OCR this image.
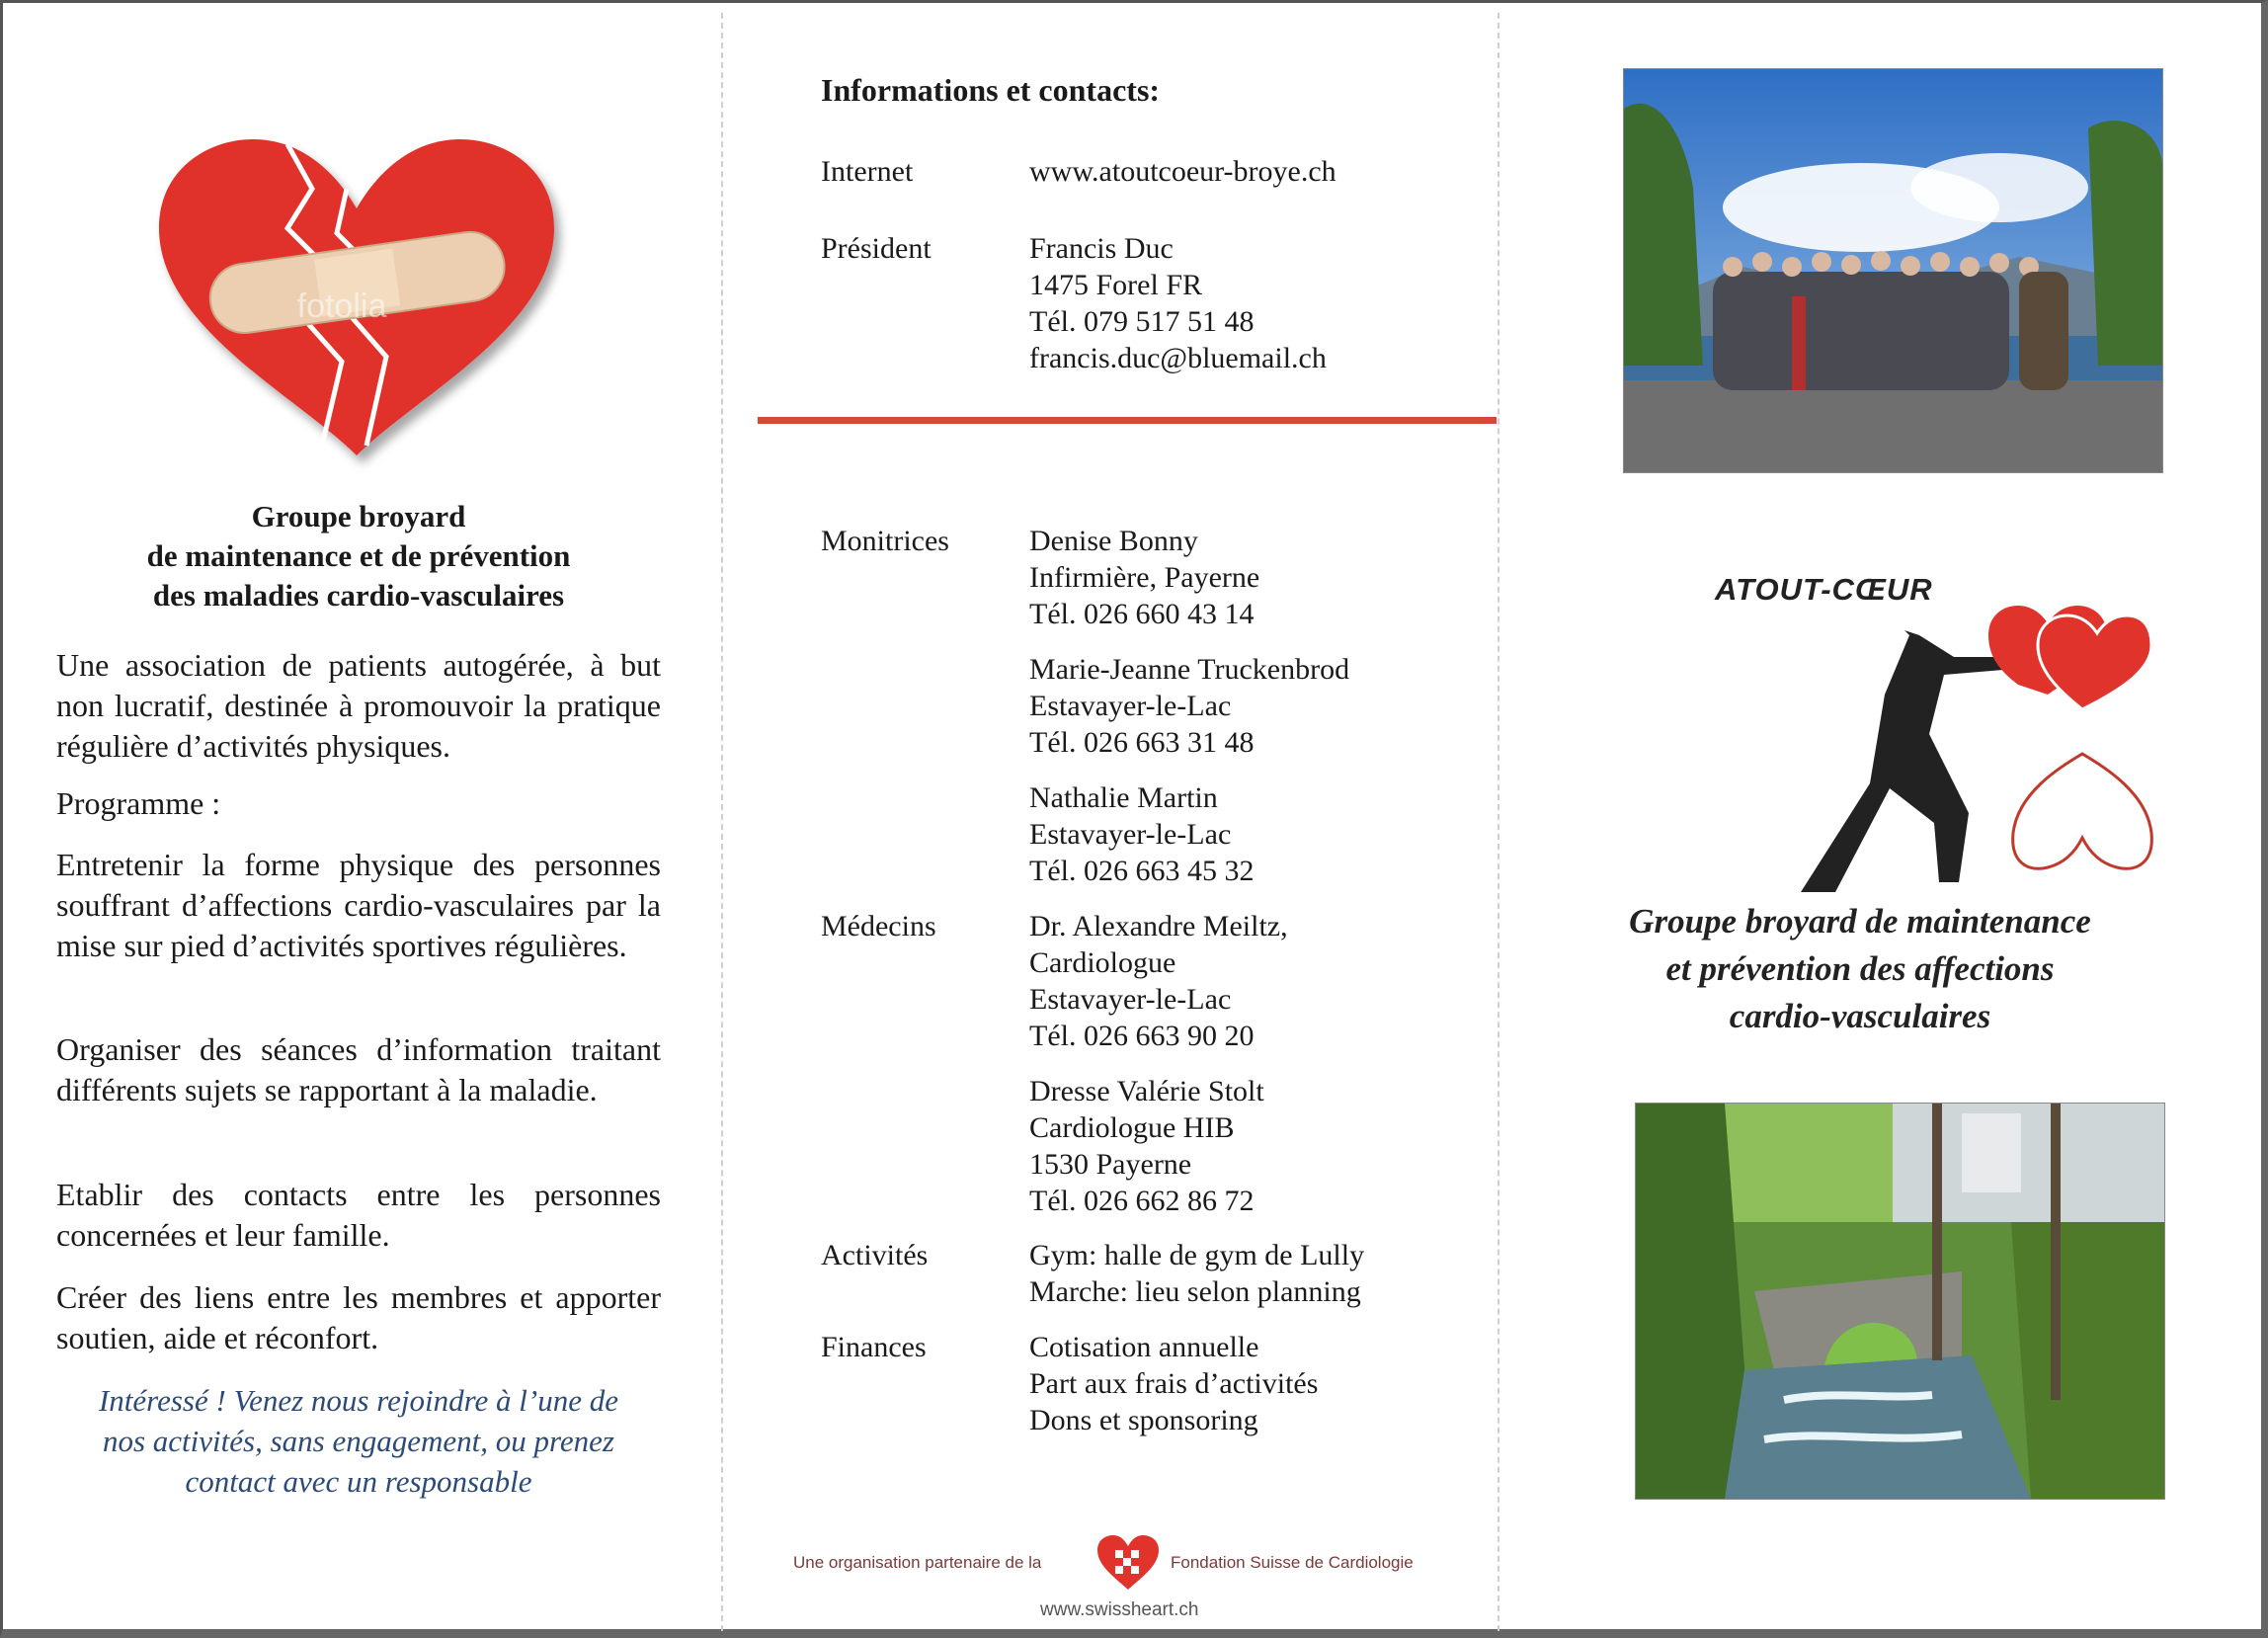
fotolia
Groupe broyard
de maintenance et de prévention
des maladies cardio-vasculaires
Une association de patients autogérée, à but non lucratif, destinée à promouvoir la pratique régulière d’activités physiques.
Programme :
Entretenir la forme physique des personnes souffrant d’affections cardio-vasculaires par la mise sur pied d’activités sportives régulières.
Organiser des séances d’information traitant différents sujets se rapportant à la maladie.
Etablir des contacts entre les personnes concernées et leur famille.
Créer des liens entre les membres et apporter soutien, aide et réconfort.
Intéressé ! Venez nous rejoindre à l’une de
nos activités, sans engagement, ou prenez
contact avec un responsable
Informations et contacts:
Internet	www.atoutcoeur-broye.ch
Président	Francis Duc
1475 Forel FR
Tél. 079 517 51 48
francis.duc@bluemail.ch
Monitrices	Denise Bonny
Infirmière, Payerne
Tél. 026 660 43 14
Marie-Jeanne Truckenbrod
Estavayer-le-Lac
Tél. 026 663 31 48
Nathalie Martin
Estavayer-le-Lac
Tél. 026 663 45 32
Médecins	Dr. Alexandre Meiltz,
Cardiologue
Estavayer-le-Lac
Tél. 026 663 90 20
Dresse Valérie Stolt
Cardiologue HIB
1530 Payerne
Tél. 026 662 86 72
Activités	Gym: halle de gym de Lully
Marche: lieu selon planning
Finances	Cotisation annuelle
Part aux frais d’activités
Dons et sponsoring
Une organisation partenaire de la	Fondation Suisse de Cardiologie
www.swissheart.ch
ATOUT-CŒUR
Groupe broyard de maintenance
et prévention des affections
cardio-vasculaires
